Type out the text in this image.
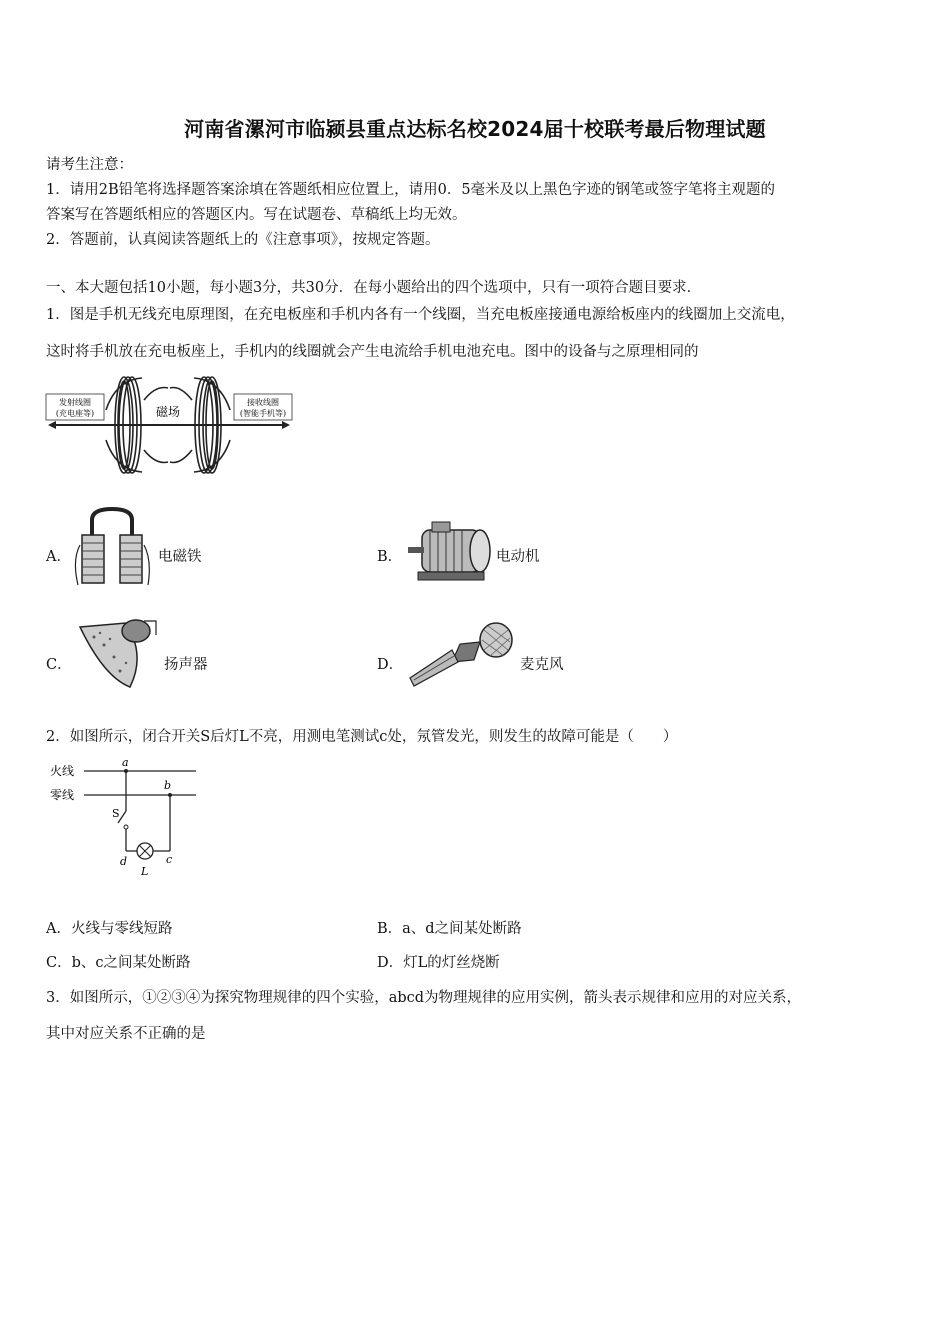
河南省漯河市临颍县重点达标名校2024届十校联考最后物理试题
请考生注意：
1．请用2B铅笔将选择题答案涂填在答题纸相应位置上，请用0．5毫米及以上黑色字迹的钢笔或签字笔将主观题的
答案写在答题纸相应的答题区内。写在试题卷、草稿纸上均无效。
2．答题前，认真阅读答题纸上的《注意事项》，按规定答题。
一、本大题包括10小题，每小题3分，共30分．在每小题给出的四个选项中，只有一项符合题目要求．
1．图是手机无线充电原理图，在充电板座和手机内各有一个线圈，当充电板座接通电源给板座内的线圈加上交流电，
这时将手机放在充电板座上，手机内的线圈就会产生电流给手机电池充电。图中的设备与之原理相同的
发射线圈
(充电座等)	磁场
接收线圈
(智能手机等)
A．	电磁铁	B．	电动机
C．	扬声器	D．	麦克风
2．如图所示，闭合开关S后灯L不亮，用测电笔测试c处，氖管发光，则发生的故障可能是（　　）
火线
零线
a
b
S
d	c
L
A．火线与零线短路	B．a、d之间某处断路
C．b、c之间某处断路	D．灯L的灯丝烧断
3．如图所示，①②③④为探究物理规律的四个实验，abcd为物理规律的应用实例，箭头表示规律和应用的对应关系，
其中对应关系不正确的是
